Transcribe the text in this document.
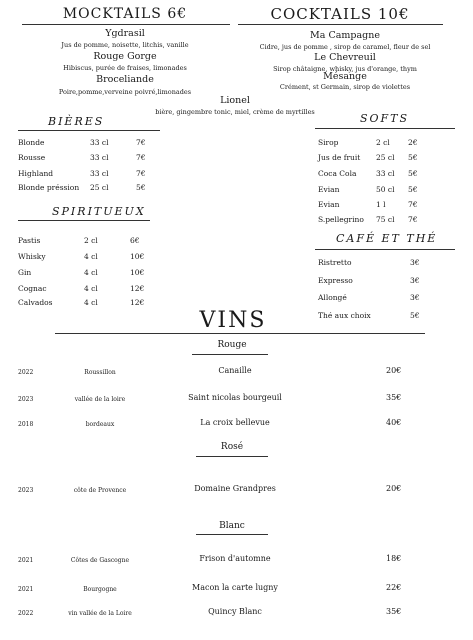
MOCKTAILS 6€
Ygdrasil
Jus de pomme, noisette, litchis, vanille
Rouge Gorge
Hibiscus, purée de fraises, limonades
Broceliande
Poire,pomme,verveine poivré,limonades
COCKTAILS 10€
Ma Campagne
Cidre, jus de pomme , sirop de caramel, fleur de sel
Le Chevreuil
Sirop châtaigne, whisky, jus d'orange, thym
Mésange
Crément, st Germain, sirop de violettes
Lionel
bière, gingembre tonic, miel, crème de myrtilles
BIÈRES
Blonde	33 cl	7€
Rousse	33 cl	7€
Highland	33 cl	7€
Blonde préssion 25 cl	5€
SPIRITUEUX
Pastis	2 cl	6€
Whisky	4 cl	10€
Gin	4 cl	10€
Cognac	4 cl	12€
Calvados	4 cl	12€
SOFTS
Sirop	2 cl 2€
Jus de fruit 25 cl 5€
Coca Cola	33 cl 5€
Evian	50 cl 5€
Evian	1 l	7€
S.pellegrino 75 cl 7€
CAFÉ ET THÉ
Ristretto	3€
Expresso	3€
Allongé	3€
Thé aux choix	5€
VINS
Rouge
2022	Roussillon	Canaille	20€
2023	vallée de la loire	Saint nicolas bourgeuil	35€
2018	bordeaux	La croix bellevue	40€
Rosé
2023	côte de Provence	Domaine Grandpres	20€
Blanc
2021	Côtes de Gascogne	Frison d'automne	18€
2021	Bourgogne	Macon la carte lugny	22€
2022	vin vallée de la Loire	Quincy Blanc	35€
